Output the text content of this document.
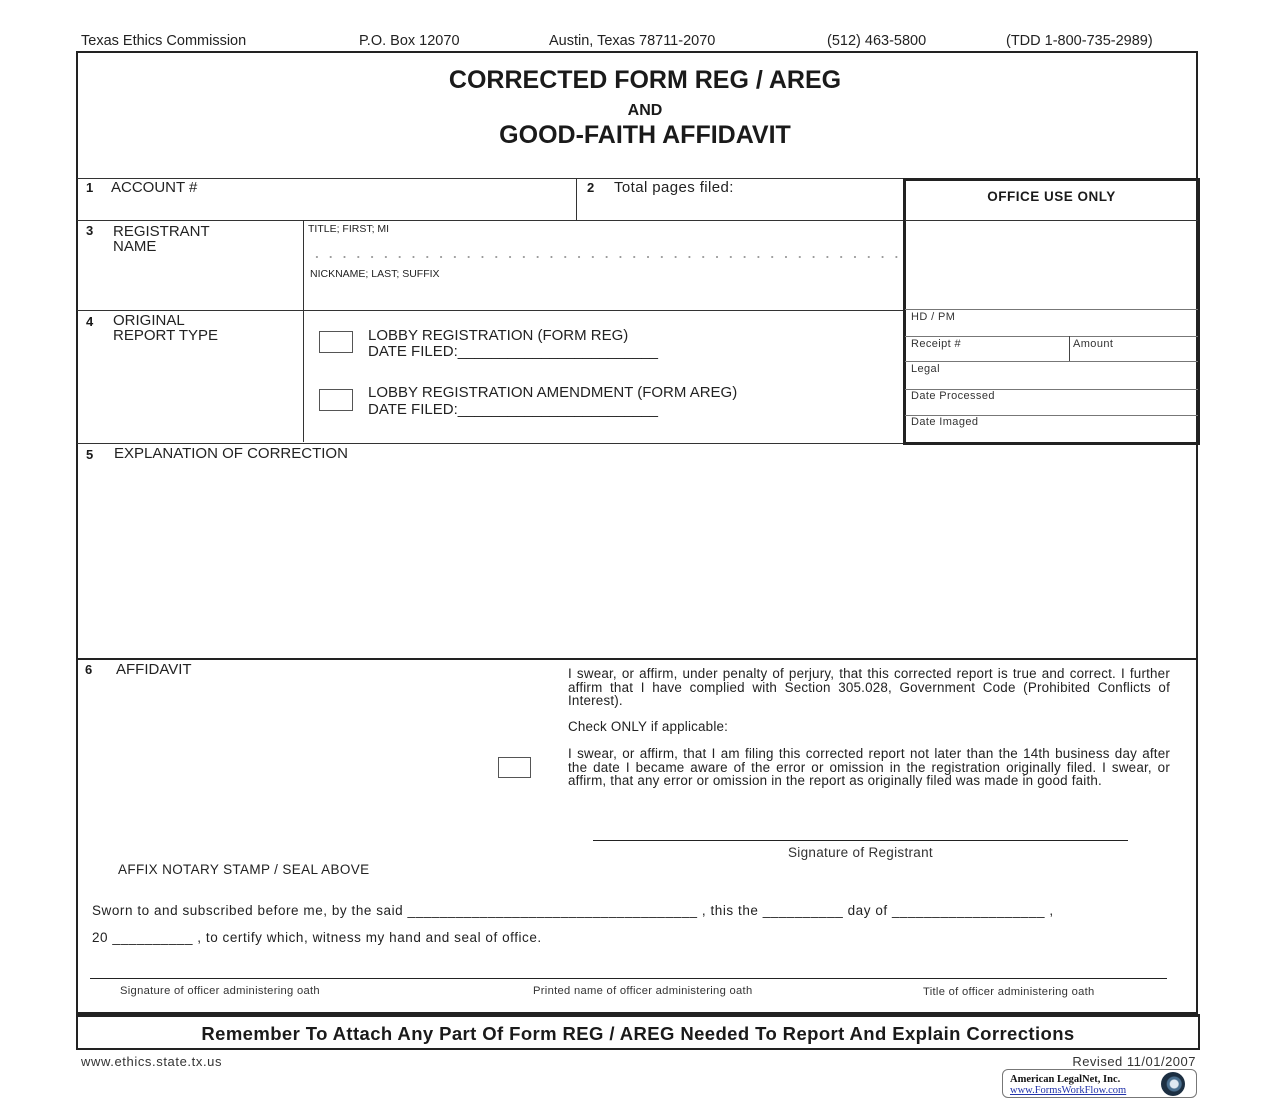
Texas Ethics Commission	P.O. Box 12070	Austin, Texas 78711-2070	(512) 463-5800	(TDD 1-800-735-2989)
CORRECTED FORM REG / AREG
AND
GOOD-FAITH AFFIDAVIT
1 ACCOUNT #	2 Total pages filed:
3 REGISTRANT
NAME
TITLE; FIRST; MI
NICKNAME; LAST; SUFFIX
4 ORIGINAL
REPORT TYPE	LOBBY REGISTRATION (FORM REG)
DATE FILED:________________________
LOBBY REGISTRATION AMENDMENT (FORM AREG)
DATE FILED:________________________
OFFICE USE ONLY
HD / PM
Receipt #	Amount
Legal
Date Processed
Date Imaged
5 EXPLANATION OF CORRECTION
6 AFFIDAVIT	I swear, or affirm, under penalty of perjury, that this corrected report is true and correct. I further affirm that I have complied with Section 305.028, Government Code (Prohibited Conflicts of Interest).
Check ONLY if applicable:
I swear, or affirm, that I am filing this corrected report not later than the 14th business day after the date I became aware of the error or omission in the registration originally filed. I swear, or affirm, that any error or omission in the report as originally filed was made in good faith.
Signature of Registrant
AFFIX NOTARY STAMP / SEAL ABOVE
Sworn to and subscribed before me, by the said ____________________________________ , this the __________ day of ___________________ ,
20 __________ , to certify which, witness my hand and seal of office.
Signature of officer administering oath	Printed name of officer administering oath	Title of officer administering oath
Remember To Attach Any Part Of Form REG / AREG Needed To Report And Explain Corrections
www.ethics.state.tx.us	Revised 11/01/2007
American LegalNet, Inc.
www.FormsWorkFlow.com
